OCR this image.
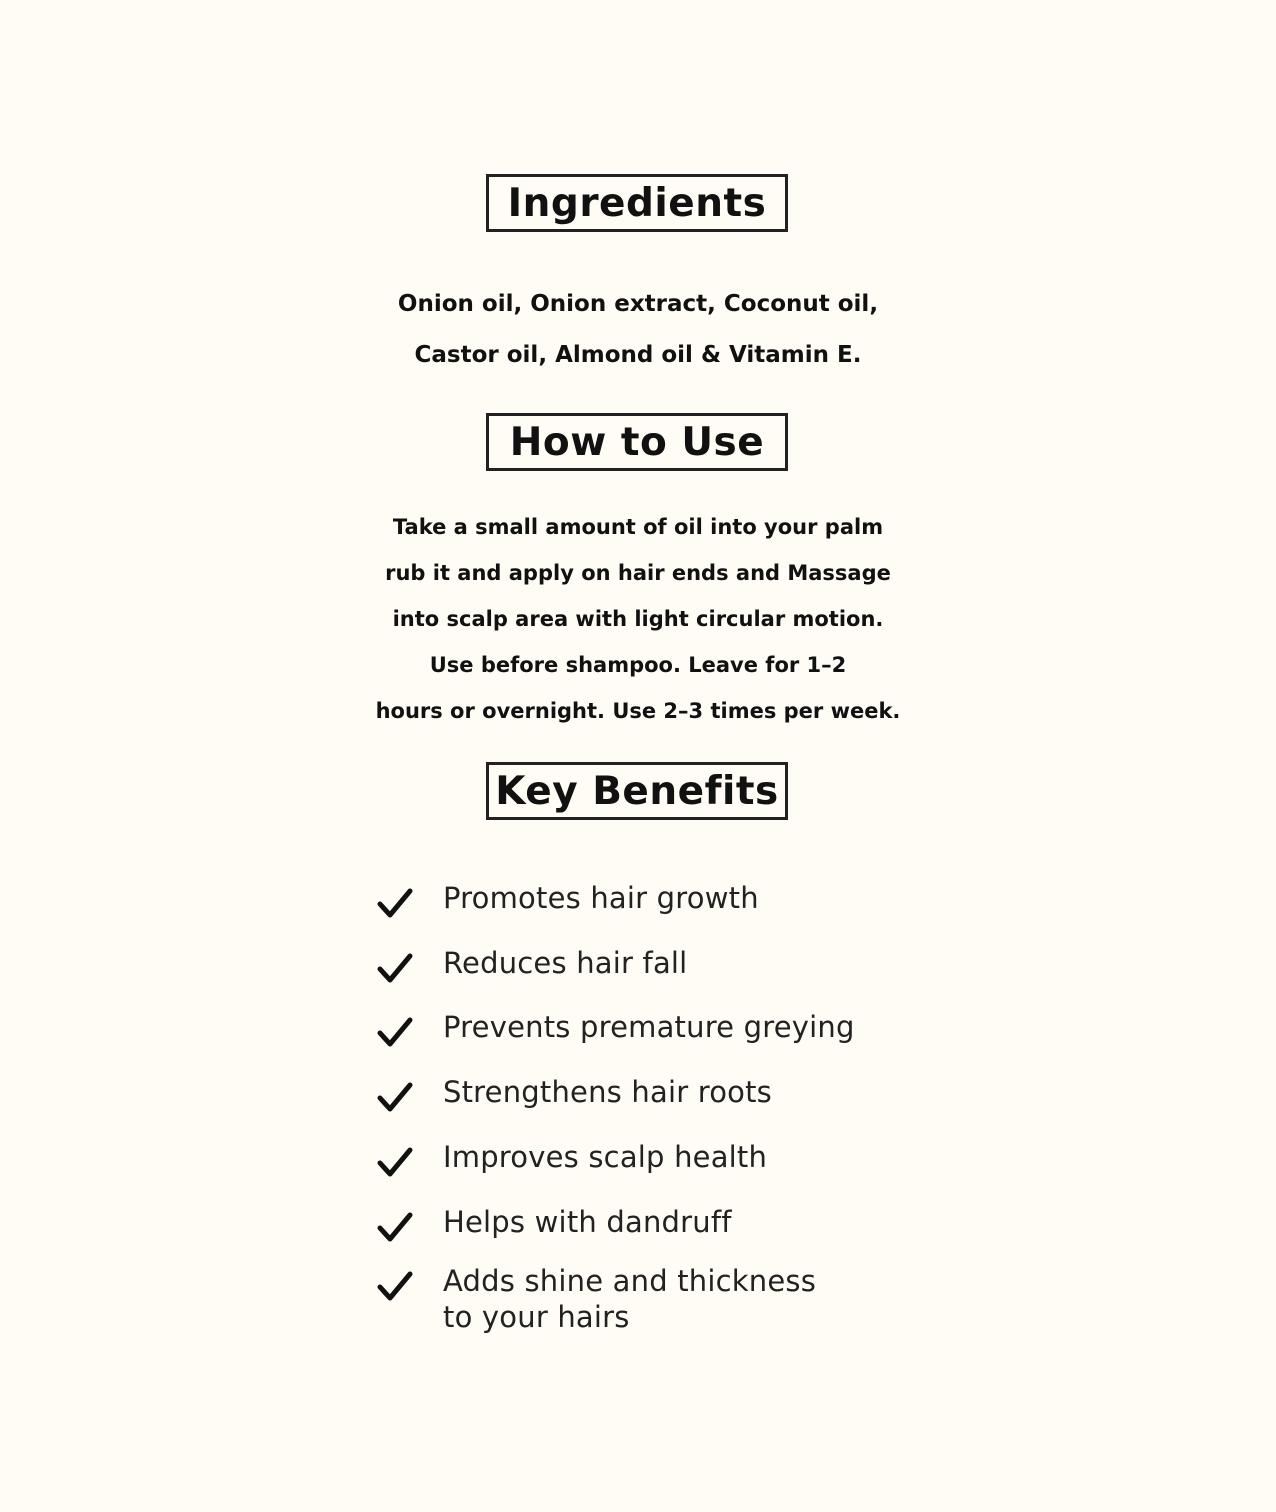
Ingredients
Onion oil, Onion extract, Coconut oil,
Castor oil, Almond oil & Vitamin E.
How to Use
Take a small amount of oil into your palm
rub it and apply on hair ends and Massage
into scalp area with light circular motion.
Use before shampoo. Leave for 1–2
hours or overnight. Use 2–3 times per week.
Key Benefits
Promotes hair growth
Reduces hair fall
Prevents premature greying
Strengthens hair roots
Improves scalp health
Helps with dandruff
Adds shine and thickness to your hairs
